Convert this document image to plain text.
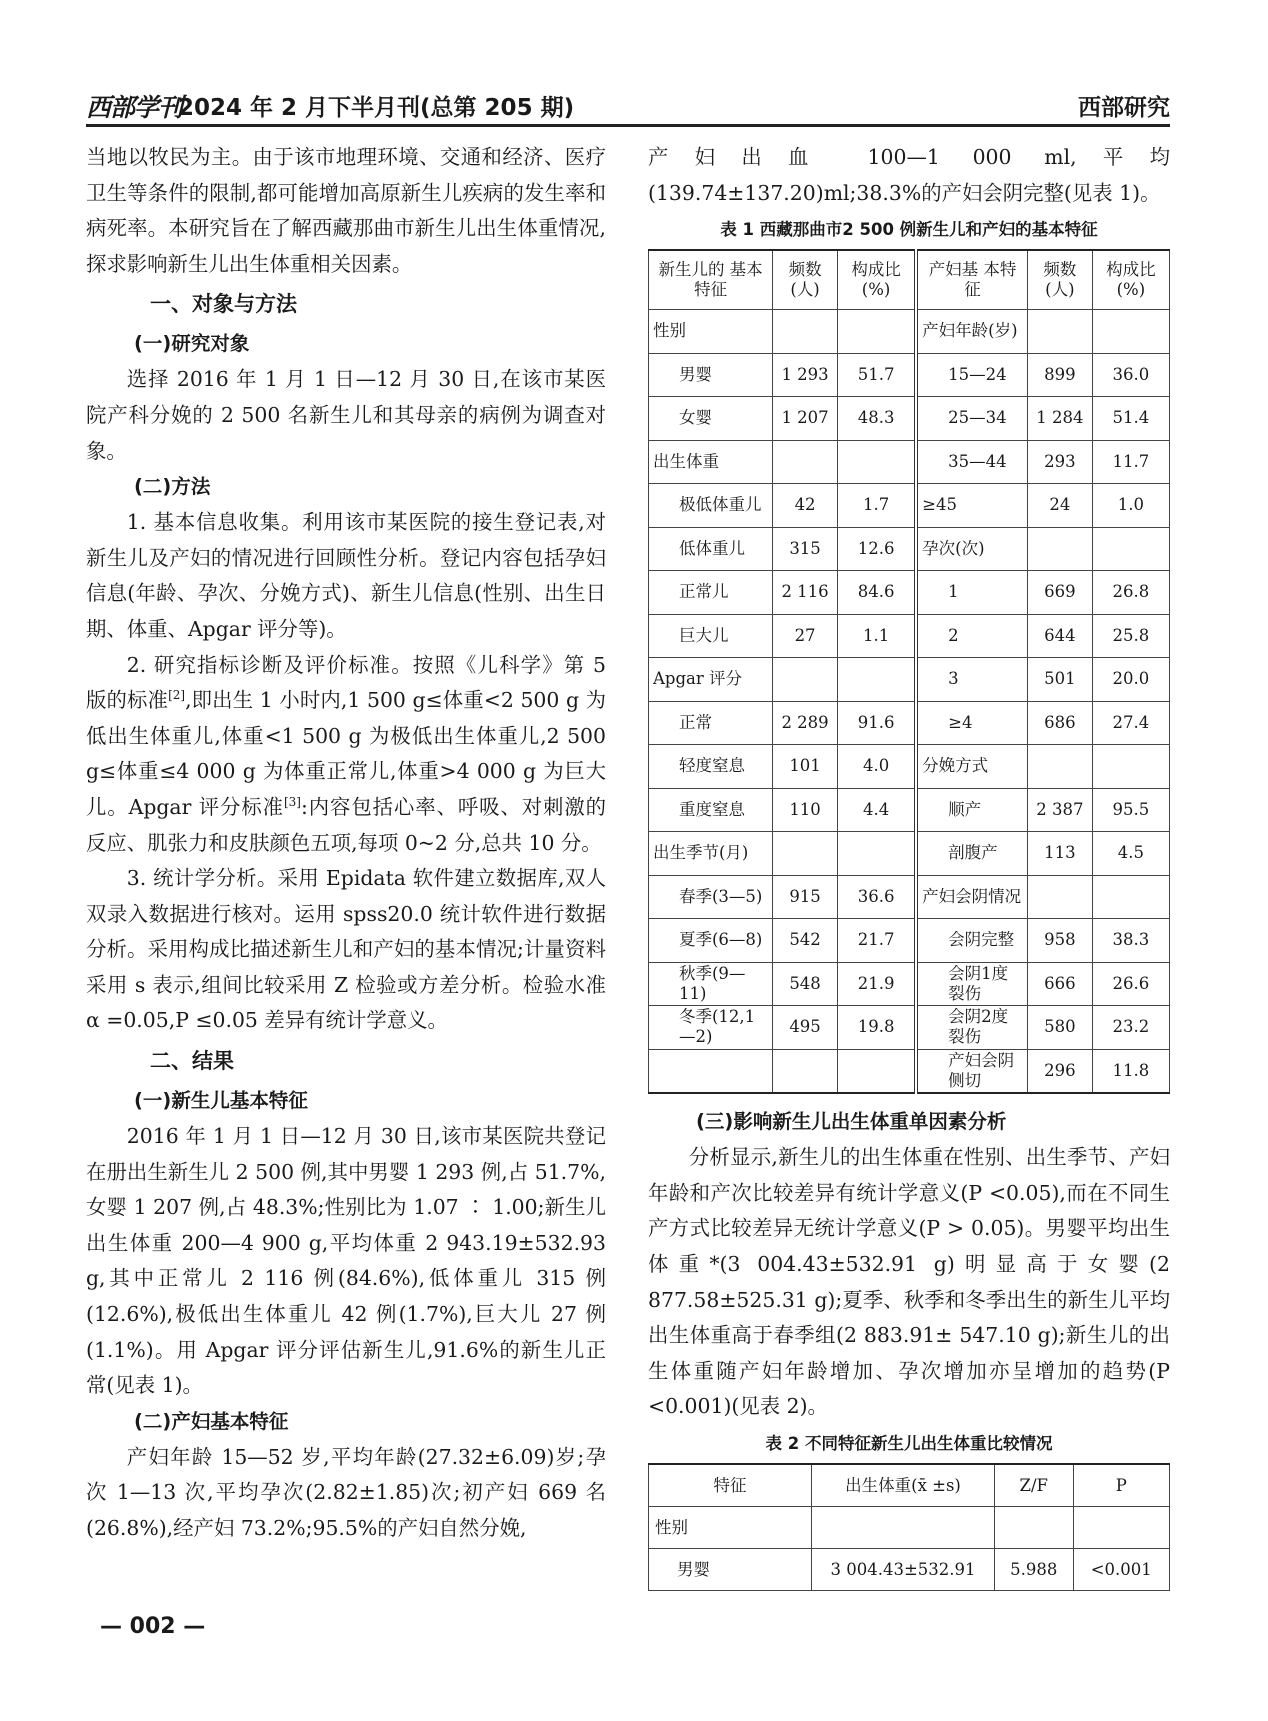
西部学刊
2024 年 2 月下半月刊(总第 205 期)	西部研究

当地以牧民为主。由于该市地理环境、交通和经济、医疗卫生等条件的限制,都可能增加高原新生儿疾病的发生率和病死率。本研究旨在了解西藏那曲市新生儿出生体重情况,探求影响新生儿出生体重相关因素。

一、对象与方法
(一)研究对象

选择 2016 年 1 月 1 日—12 月 30 日,在该市某医院产科分娩的 2 500 名新生儿和其母亲的病例为调查对象。

(二)方法

1. 基本信息收集。利用该市某医院的接生登记表,对新生儿及产妇的情况进行回顾性分析。登记内容包括孕妇信息(年龄、孕次、分娩方式)、新生儿信息(性别、出生日期、体重、Apgar 评分等)。

2. 研究指标诊断及评价标准。按照《儿科学》第 5 版的标准[2],即出生 1 小时内,1 500 g≤体重<2 500 g 为低出生体重儿,体重<1 500 g 为极低出生体重儿,2 500 g≤体重≤4 000 g 为体重正常儿,体重>4 000 g 为巨大儿。Apgar 评分标准[3]:内容包括心率、呼吸、对刺激的反应、肌张力和皮肤颜色五项,每项 0~2 分,总共 10 分。

3. 统计学分析。采用 Epidata 软件建立数据库,双人双录入数据进行核对。运用 spss20.0 统计软件进行数据分析。采用构成比描述新生儿和产妇的基本情况;计量资料采用 s 表示,组间比较采用 Z 检验或方差分析。检验水准 α =0.05,P ≤0.05 差异有统计学意义。

二、结果
(一)新生儿基本特征

2016 年 1 月 1 日—12 月 30 日,该市某医院共登记在册出生新生儿 2 500 例,其中男婴 1 293 例,占 51.7%,女婴 1 207 例,占 48.3%;性别比为 1.07 ∶ 1.00;新生儿出生体重 200—4 900 g,平均体重 2 943.19±532.93 g,其中正常儿 2 116 例(84.6%),低体重儿 315 例(12.6%),极低出生体重儿 42 例(1.7%),巨大儿 27 例(1.1%)。用 Apgar 评分评估新生儿,91.6%的新生儿正常(见表 1)。

(二)产妇基本特征

产妇年龄 15—52 岁,平均年龄(27.32±6.09)岁;孕次 1—13 次,平均孕次(2.82±1.85)次;初产妇 669 名(26.8%),经产妇 73.2%;95.5%的产妇自然分娩,

产妇出血 100—1 000 ml,平均(139.74±137.20)ml;38.3%的产妇会阴完整(见表 1)。

表 1 西藏那曲市2 500 例新生儿和产妇的基本特征
新生儿的 基本特征	频数 (人)	构成比 (%)	产妇基 本特征	频数 (人)	构成比 (%)
性别			产妇年龄(岁)		
男婴	1 293	51.7	15—24	899	36.0
女婴	1 207	48.3	25—34	1 284	51.4
出生体重			35—44	293	11.7
极低体重儿	42	1.7	≥45	24	1.0
低体重儿	315	12.6	孕次(次)		
正常儿	2 116	84.6	1	669	26.8
巨大儿	27	1.1	2	644	25.8
Apgar 评分			3	501	20.0
正常	2 289	91.6	≥4	686	27.4
轻度窒息	101	4.0	分娩方式		
重度窒息	110	4.4	顺产	2 387	95.5
出生季节(月)			剖腹产	113	4.5
春季(3—5)	915	36.6	产妇会阴情况		
夏季(6—8)	542	21.7	会阴完整	958	38.3
秋季(9—11)	548	21.9	会阴1度裂伤	666	26.6
冬季(12,1—2)	495	19.8	会阴2度裂伤	580	23.2
			产妇会阴侧切	296	11.8
(三)影响新生儿出生体重单因素分析

分析显示,新生儿的出生体重在性别、出生季节、产妇年龄和产次比较差异有统计学意义(P <0.05),而在不同生产方式比较差异无统计学意义(P > 0.05)。男婴平均出生体重*(3 004.43±532.91 g)明显高于女婴(2 877.58±525.31 g);夏季、秋季和冬季出生的新生儿平均出生体重高于春季组(2 883.91± 547.10 g);新生儿的出生体重随产妇年龄增加、孕次增加亦呈增加的趋势(P <0.001)(见表 2)。

表 2 不同特征新生儿出生体重比较情况
特征	出生体重(x̄ ±s)	Z/F	P
性别			
男婴	3 004.43±532.91	5.988	<0.001
— 002 —
